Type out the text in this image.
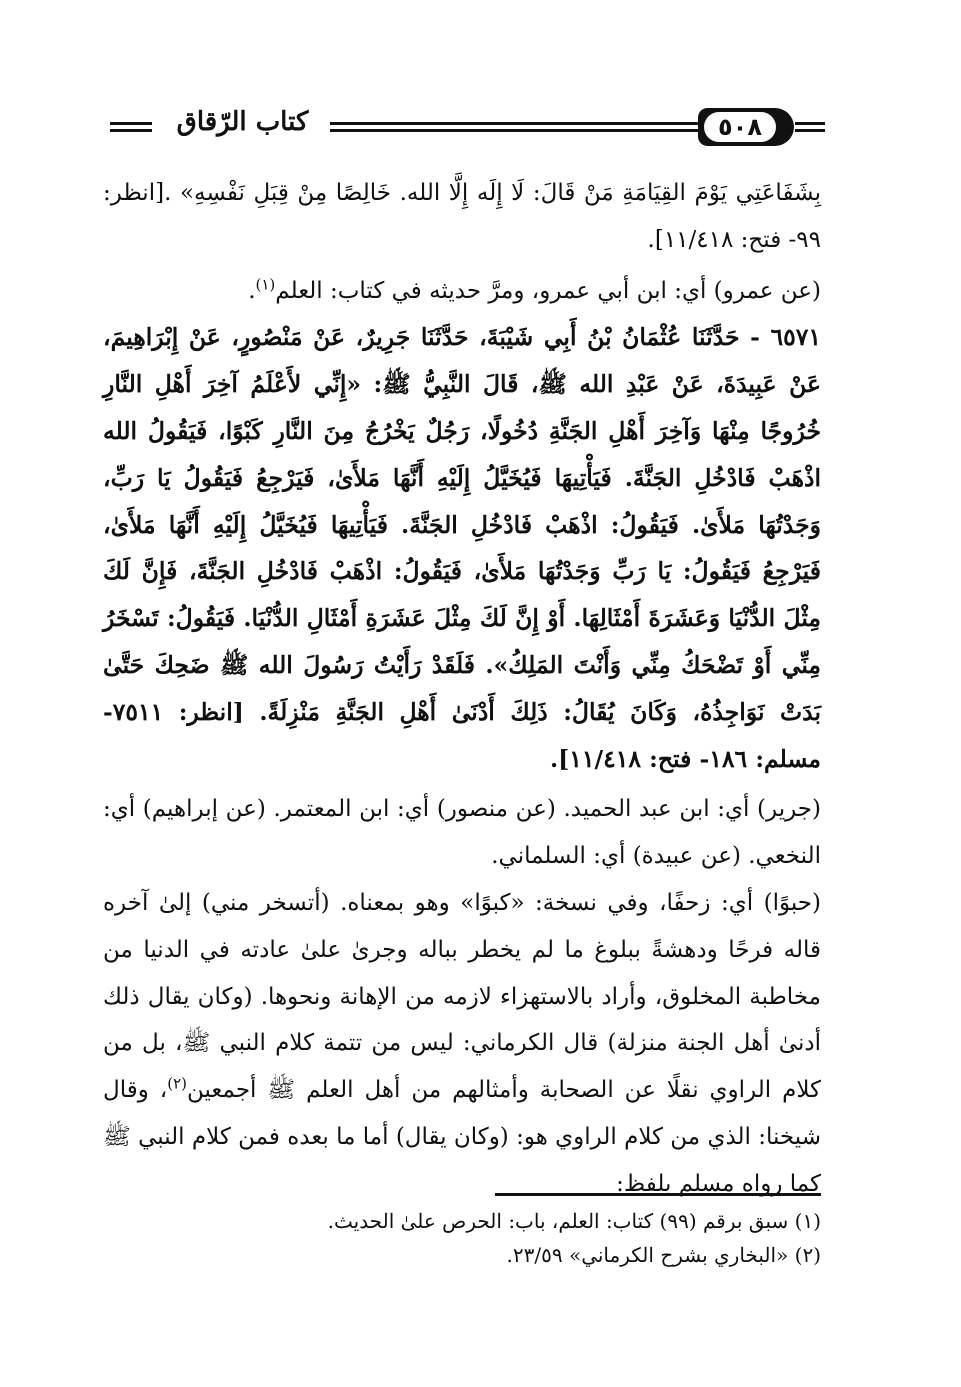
٥٠٨
كتاب الرّقاق

بِشَفَاعَتِي يَوْمَ القِيَامَةِ مَنْ قَالَ: لَا إِلَه إِلَّا الله. خَالِصًا مِنْ قِبَلِ نَفْسِهِ» .[انظر: ٩٩- فتح: ١١/٤١٨].

(عن عمرو) أي: ابن أبي عمرو، ومرَّ حديثه في كتاب: العلم$^{(١)}$.

٦٥٧١ - حَدَّثَنَا عُثْمَانُ بْنُ أَبِي شَيْبَةَ، حَدَّثَنَا جَرِيرٌ، عَنْ مَنْصُورٍ، عَنْ إِبْرَاهِيمَ، عَنْ عَبِيدَةَ، عَنْ عَبْدِ الله ﷺ، قَالَ النَّبِيُّ ﷺ: «إِنِّي لأَعْلَمُ آخِرَ أَهْلِ النَّارِ خُرُوجًا مِنْهَا وَآخِرَ أَهْلِ الجَنَّةِ دُخُولًا، رَجُلٌ يَخْرُجُ مِنَ النَّارِ كَبْوًا، فَيَقُولُ الله اذْهَبْ فَادْخُلِ الجَنَّةَ. فَيَأْتِيهَا فَيُخَيَّلُ إِلَيْهِ أَنَّهَا مَلأَىٰ، فَيَرْجِعُ فَيَقُولُ يَا رَبِّ، وَجَدْتُهَا مَلأَىٰ. فَيَقُولُ: اذْهَبْ فَادْخُلِ الجَنَّةَ. فَيَأْتِيهَا فَيُخَيَّلُ إِلَيْهِ أَنَّهَا مَلأَىٰ، فَيَرْجِعُ فَيَقُولُ: يَا رَبِّ وَجَدْتُهَا مَلأَىٰ، فَيَقُولُ: اذْهَبْ فَادْخُلِ الجَنَّةَ، فَإِنَّ لَكَ مِثْلَ الدُّنْيَا وَعَشَرَةَ أَمْثَالِهَا. أَوْ إِنَّ لَكَ مِثْلَ عَشَرَةِ أَمْثَالِ الدُّنْيَا. فَيَقُولُ: تَسْخَرُ مِنِّي أَوْ تَضْحَكُ مِنِّي وَأَنْتَ المَلِكُ». فَلَقَدْ رَأَيْتُ رَسُولَ الله ﷺ ضَحِكَ حَتَّىٰ بَدَتْ نَوَاجِذُهُ، وَكَانَ يُقَالُ: ذَلِكَ أَدْنَىٰ أَهْلِ الجَنَّةِ مَنْزِلَةً. [انظر: ٧٥١١- مسلم: ١٨٦- فتح: ١١/٤١٨].

(جرير) أي: ابن عبد الحميد. (عن منصور) أي: ابن المعتمر. (عن إبراهيم) أي: النخعي. (عن عبيدة) أي: السلماني.

(حبوًا) أي: زحفًا، وفي نسخة: «كبوًا» وهو بمعناه. (أتسخر مني) إلىٰ آخره قاله فرحًا ودهشةً ببلوغ ما لم يخطر بباله وجرىٰ علىٰ عادته في الدنيا من مخاطبة المخلوق، وأراد بالاستهزاء لازمه من الإهانة ونحوها. (وكان يقال ذلك أدنىٰ أهل الجنة منزلة) قال الكرماني: ليس من تتمة كلام النبي ﷺ، بل من كلام الراوي نقلًا عن الصحابة وأمثالهم من أهل العلم ﷺ أجمعين$^{(٢)}$، وقال شيخنا: الذي من كلام الراوي هو: (وكان يقال) أما ما بعده فمن كلام النبي ﷺ كما رواه مسلم بلفظ:

(١) سبق برقم (٩٩) كتاب: العلم، باب: الحرص علىٰ الحديث.

(٢) «البخاري بشرح الكرماني» ٢٣/٥٩.
